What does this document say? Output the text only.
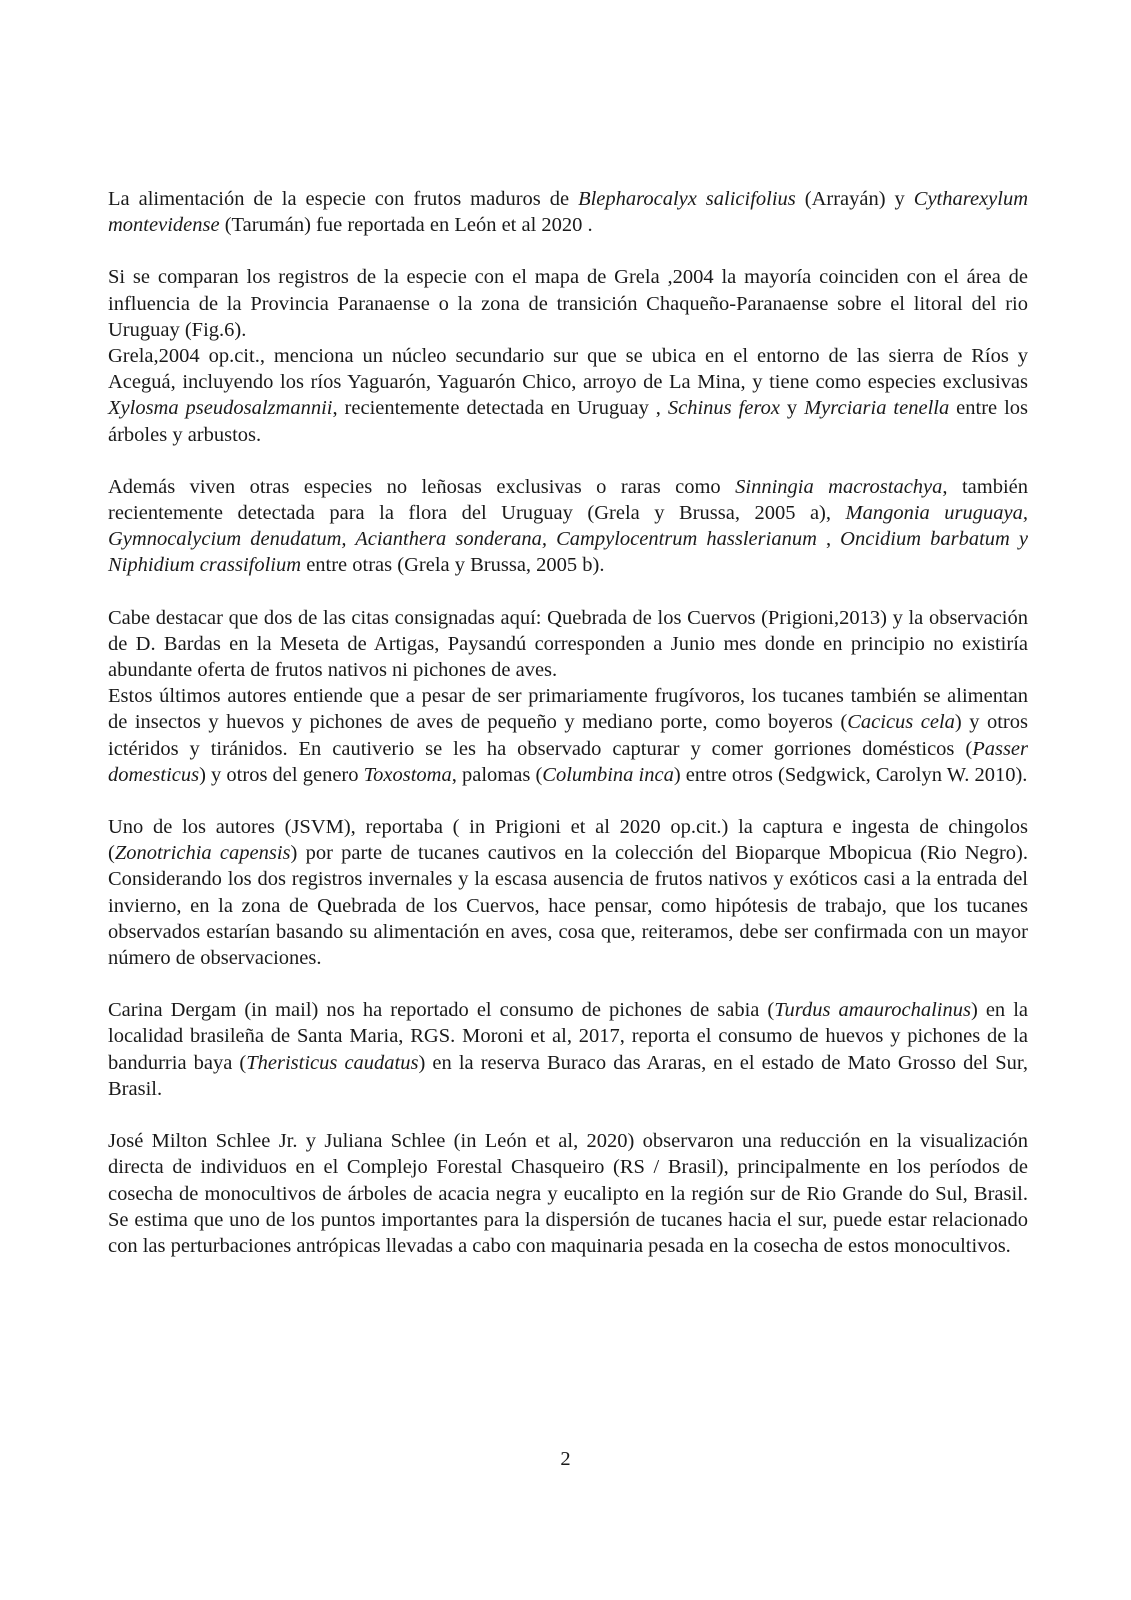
La alimentación de la especie con frutos maduros de Blepharocalyx salicifolius (Arrayán) y Cytharexylum montevidense (Tarumán) fue reportada en León et al 2020 .

Si se comparan los registros de la especie con el mapa de Grela ,2004 la mayoría coinciden con el área de influencia de la Provincia Paranaense o la zona de transición Chaqueño-Paranaense sobre el litoral del rio Uruguay (Fig.6).

Grela,2004 op.cit., menciona un núcleo secundario sur que se ubica en el entorno de las sierra de Ríos y Aceguá, incluyendo los ríos Yaguarón, Yaguarón Chico, arroyo de La Mina, y tiene como especies exclusivas Xylosma pseudosalzmannii, recientemente detectada en Uruguay , Schinus ferox y Myrciaria tenella entre los árboles y arbustos.

Además viven otras especies no leñosas exclusivas o raras como Sinningia macrostachya, también recientemente detectada para la flora del Uruguay (Grela y Brussa, 2005 a), Mangonia uruguaya, Gymnocalycium denudatum, Acianthera sonderana, Campylocentrum hasslerianum , Oncidium barbatum y Niphidium crassifolium entre otras (Grela y Brussa, 2005 b).

Cabe destacar que dos de las citas consignadas aquí: Quebrada de los Cuervos (Prigioni,2013) y la observación de D. Bardas en la Meseta de Artigas, Paysandú corresponden a Junio mes donde en principio no existiría abundante oferta de frutos nativos ni pichones de aves.

Estos últimos autores entiende que a pesar de ser primariamente frugívoros, los tucanes también se alimentan de insectos y huevos y pichones de aves de pequeño y mediano porte, como boyeros (Cacicus cela) y otros ictéridos y tiránidos. En cautiverio se les ha observado capturar y comer gorriones domésticos (Passer domesticus) y otros del genero Toxostoma, palomas (Columbina inca) entre otros (Sedgwick, Carolyn W. 2010).

Uno de los autores (JSVM), reportaba ( in Prigioni et al 2020 op.cit.) la captura e ingesta de chingolos (Zonotrichia capensis) por parte de tucanes cautivos en la colección del Bioparque Mbopicua (Rio Negro). Considerando los dos registros invernales y la escasa ausencia de frutos nativos y exóticos casi a la entrada del invierno, en la zona de Quebrada de los Cuervos, hace pensar, como hipótesis de trabajo, que los tucanes observados estarían basando su alimentación en aves, cosa que, reiteramos, debe ser confirmada con un mayor número de observaciones.

Carina Dergam (in mail) nos ha reportado el consumo de pichones de sabia (Turdus amaurochalinus) en la localidad brasileña de Santa Maria, RGS. Moroni et al, 2017, reporta el consumo de huevos y pichones de la bandurria baya (Theristicus caudatus) en la reserva Buraco das Araras, en el estado de Mato Grosso del Sur, Brasil.

José Milton Schlee Jr. y Juliana Schlee (in León et al, 2020) observaron una reducción en la visualización directa de individuos en el Complejo Forestal Chasqueiro (RS / Brasil), principalmente en los períodos de cosecha de monocultivos de árboles de acacia negra y eucalipto en la región sur de Rio Grande do Sul, Brasil. Se estima que uno de los puntos importantes para la dispersión de tucanes hacia el sur, puede estar relacionado con las perturbaciones antrópicas llevadas a cabo con maquinaria pesada en la cosecha de estos monocultivos.

2
